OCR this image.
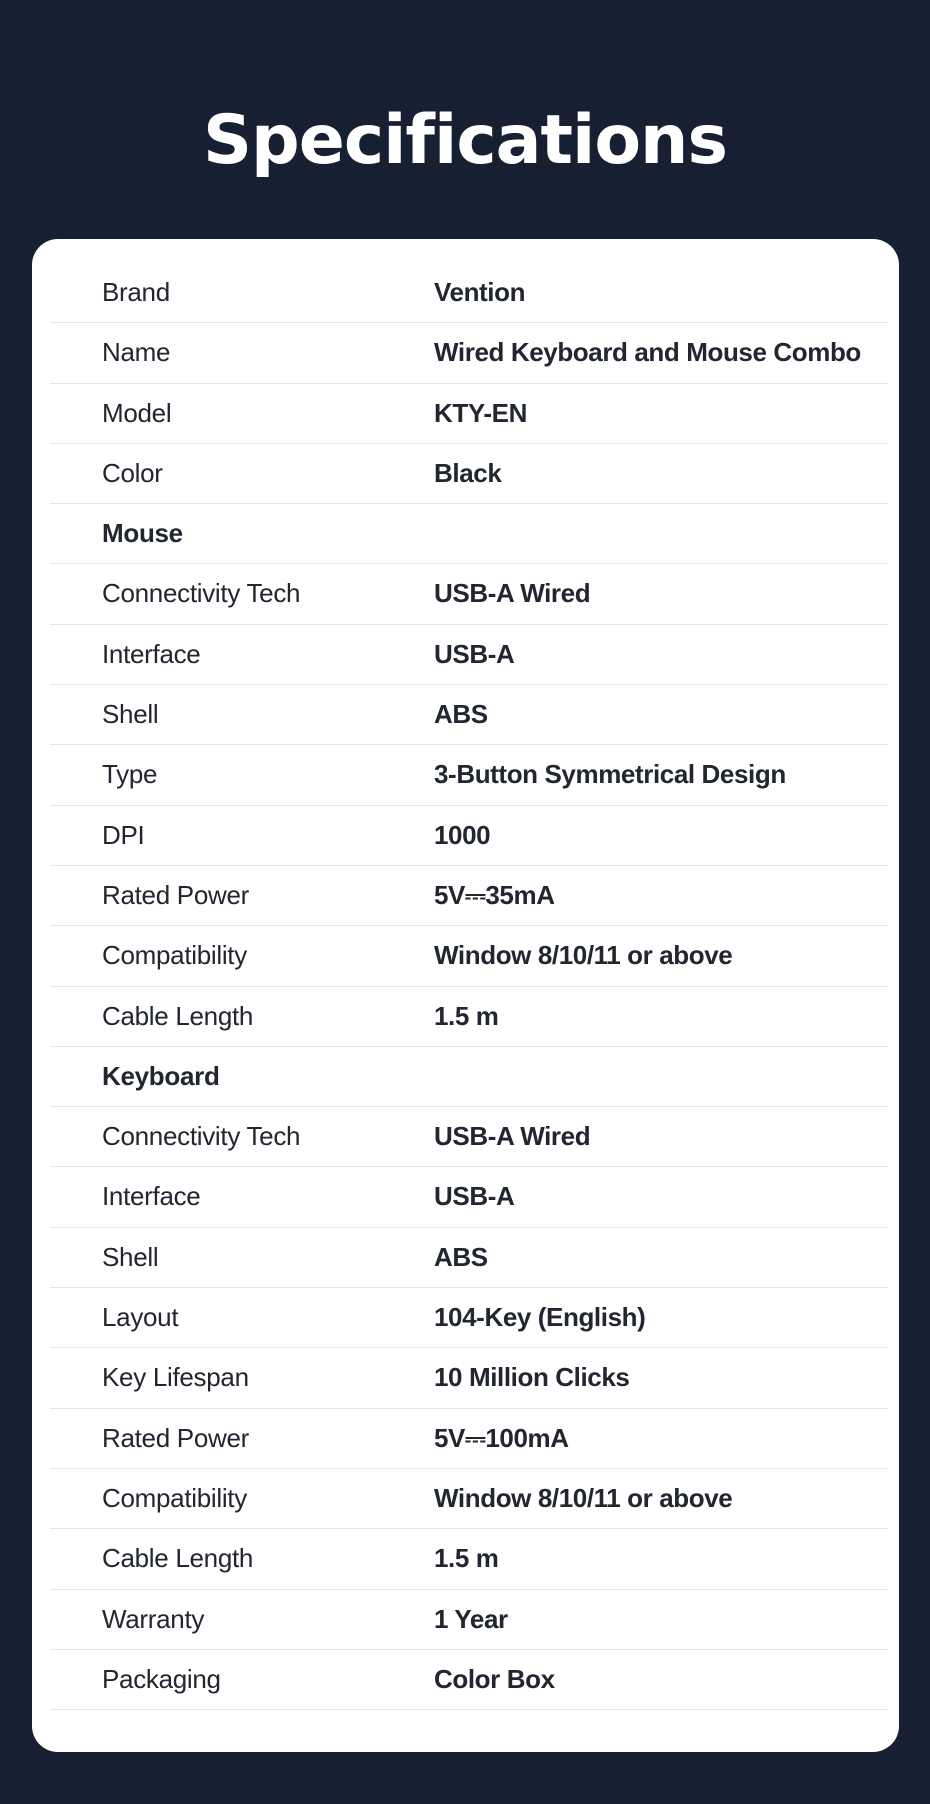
Specifications
Brand	Vention
Name	Wired Keyboard and Mouse Combo
Model	KTY-EN
Color	Black
Mouse
Connectivity Tech	USB-A Wired
Interface	USB-A
Shell	ABS
Type	3-Button Symmetrical Design
DPI	1000
Rated Power	5V⎓35mA
Compatibility	Window 8/10/11 or above
Cable Length	1.5 m
Keyboard
Connectivity Tech	USB-A Wired
Interface	USB-A
Shell	ABS
Layout	104-Key (English)
Key Lifespan	10 Million Clicks
Rated Power	5V⎓100mA
Compatibility	Window 8/10/11 or above
Cable Length	1.5 m
Warranty	1 Year
Packaging	Color Box
